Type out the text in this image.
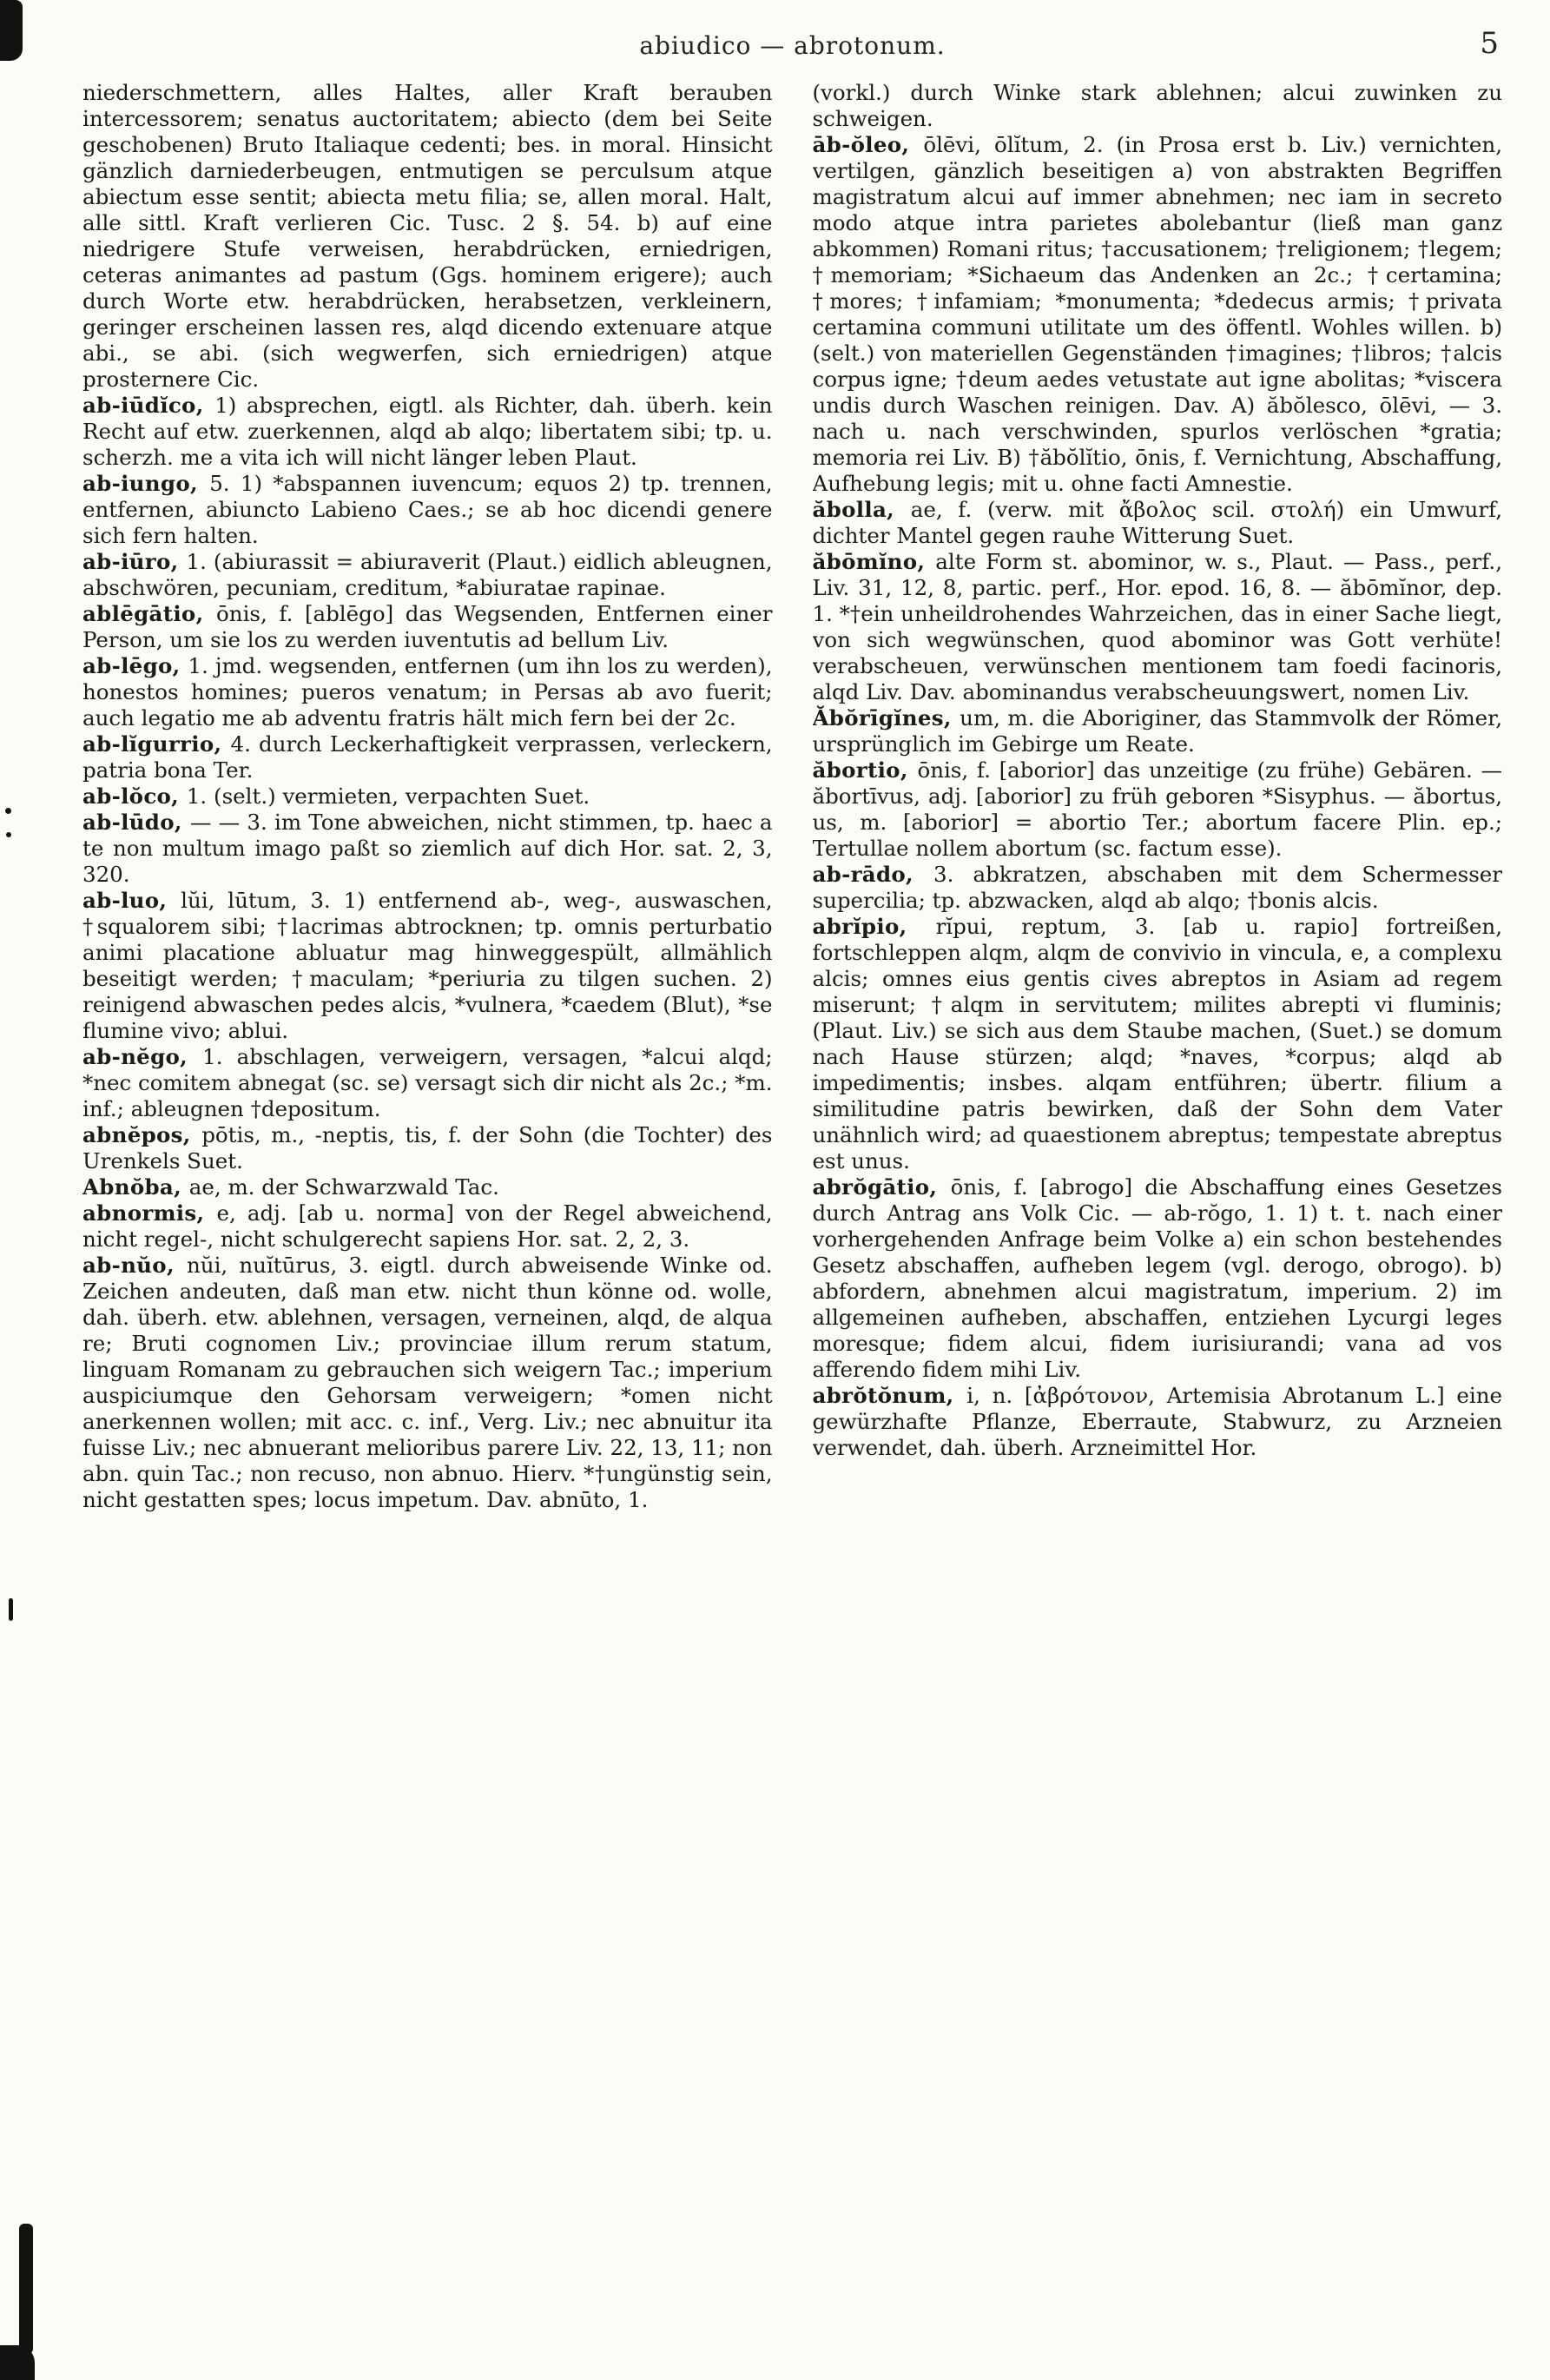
abiudico — abrotonum.	5

niederschmettern, alles Haltes, aller Kraft berauben intercessorem; senatus auctoritatem; abiecto (dem bei Seite geschobenen) Bruto Italiaque cedenti; bes. in moral. Hinsicht gänzlich darniederbeugen, entmutigen se perculsum atque abiectum esse sentit; abiecta metu filia; se, allen moral. Halt, alle sittl. Kraft verlieren Cic. Tusc. 2 §. 54. b) auf eine niedrigere Stufe verweisen, herabdrücken, erniedrigen, ceteras animantes ad pastum (Ggs. hominem erigere); auch durch Worte etw. herabdrücken, herabsetzen, verkleinern, geringer erscheinen lassen res, alqd dicendo extenuare atque abi., se abi. (sich wegwerfen, sich erniedrigen) atque prosternere Cic.

ab-iūdĭco, 1) absprechen, eigtl. als Richter, dah. überh. kein Recht auf etw. zuerkennen, alqd ab alqo; libertatem sibi; tp. u. scherzh. me a vita ich will nicht länger leben Plaut.

ab-iungo, 5. 1) *abspannen iuvencum; equos 2) tp. trennen, entfernen, abiuncto Labieno Caes.; se ab hoc dicendi genere sich fern halten.

ab-iūro, 1. (abiurassit = abiuraverit (Plaut.) eidlich ableugnen, abschwören, pecuniam, creditum, *abiuratae rapinae.

ablēgātio, ōnis, f. [ablēgo] das Wegsenden, Entfernen einer Person, um sie los zu werden iuventutis ad bellum Liv.

ab-lēgo, 1. jmd. wegsenden, entfernen (um ihn los zu werden), honestos homines; pueros venatum; in Persas ab avo fuerit; auch legatio me ab adventu fratris hält mich fern bei der 2c.

ab-lĭgurrio, 4. durch Leckerhaftigkeit verprassen, verleckern, patria bona Ter.

ab-lŏco, 1. (selt.) vermieten, verpachten Suet.

ab-lūdo, — — 3. im Tone abweichen, nicht stimmen, tp. haec a te non multum imago paßt so ziemlich auf dich Hor. sat. 2, 3, 320.

ab-luo, lŭi, lūtum, 3. 1) entfernend ab-, weg-, auswaschen, †squalorem sibi; †lacrimas abtrocknen; tp. omnis perturbatio animi placatione abluatur mag hinweggespült, allmählich beseitigt werden; †maculam; *periuria zu tilgen suchen. 2) reinigend abwaschen pedes alcis, *vulnera, *caedem (Blut), *se flumine vivo; ablui.

ab-nĕgo, 1. abschlagen, verweigern, versagen, *alcui alqd; *nec comitem abnegat (sc. se) versagt sich dir nicht als 2c.; *m. inf.; ableugnen †depositum.

abnĕpos, pōtis, m., -neptis, tis, f. der Sohn (die Tochter) des Urenkels Suet.

Abnŏba, ae, m. der Schwarzwald Tac.

abnormis, e, adj. [ab u. norma] von der Regel abweichend, nicht regel-, nicht schulgerecht sapiens Hor. sat. 2, 2, 3.

ab-nŭo, nŭi, nuĭtūrus, 3. eigtl. durch abweisende Winke od. Zeichen andeuten, daß man etw. nicht thun könne od. wolle, dah. überh. etw. ablehnen, versagen, verneinen, alqd, de alqua re; Bruti cognomen Liv.; provinciae illum rerum statum, linguam Romanam zu gebrauchen sich weigern Tac.; imperium auspiciumque den Gehorsam verweigern; *omen nicht anerkennen wollen; mit acc. c. inf., Verg. Liv.; nec abnuitur ita fuisse Liv.; nec abnuerant melioribus parere Liv. 22, 13, 11; non abn. quin Tac.; non recuso, non abnuo. Hierv. *†ungünstig sein, nicht gestatten spes; locus impetum. Dav. abnūto, 1.

(vorkl.) durch Winke stark ablehnen; alcui zuwinken zu schweigen.

āb-ŏleo, ōlēvi, ōlĭtum, 2. (in Prosa erst b. Liv.) vernichten, vertilgen, gänzlich beseitigen a) von abstrakten Begriffen magistratum alcui auf immer abnehmen; nec iam in secreto modo atque intra parietes abolebantur (ließ man ganz abkommen) Romani ritus; †accusationem; †religionem; †legem; †memoriam; *Sichaeum das Andenken an 2c.; †certamina; †mores; †infamiam; *monumenta; *dedecus armis; †privata certamina communi utilitate um des öffentl. Wohles willen. b) (selt.) von materiellen Gegenständen †imagines; †libros; †alcis corpus igne; †deum aedes vetustate aut igne abolitas; *viscera undis durch Waschen reinigen. Dav. A) ăbŏlesco, ōlēvi, — 3. nach u. nach verschwinden, spurlos verlöschen *gratia; memoria rei Liv. B) †ăbŏlĭtio, ōnis, f. Vernichtung, Abschaffung, Aufhebung legis; mit u. ohne facti Amnestie.

ăbolla, ae, f. (verw. mit ἄβολος scil. στολή) ein Umwurf, dichter Mantel gegen rauhe Witterung Suet.

ăbōmĭno, alte Form st. abominor, w. s., Plaut. — Pass., perf., Liv. 31, 12, 8, partic. perf., Hor. epod. 16, 8. — ăbōmĭnor, dep. 1. *†ein unheildrohendes Wahrzeichen, das in einer Sache liegt, von sich wegwünschen, quod abominor was Gott verhüte! verabscheuen, verwünschen mentionem tam foedi facinoris, alqd Liv. Dav. abominandus verabscheuungswert, nomen Liv.

Ăbŏrīgĭnes, um, m. die Aboriginer, das Stammvolk der Römer, ursprünglich im Gebirge um Reate.

ăbortio, ōnis, f. [aborior] das unzeitige (zu frühe) Gebären. — ăbortīvus, adj. [aborior] zu früh geboren *Sisyphus. — ăbortus, us, m. [aborior] = abortio Ter.; abortum facere Plin. ep.; Tertullae nollem abortum (sc. factum esse).

ab-rādo, 3. abkratzen, abschaben mit dem Schermesser supercilia; tp. abzwacken, alqd ab alqo; †bonis alcis.

abrĭpio, rĭpui, reptum, 3. [ab u. rapio] fortreißen, fortschleppen alqm, alqm de convivio in vincula, e, a complexu alcis; omnes eius gentis cives abreptos in Asiam ad regem miserunt; †alqm in servitutem; milites abrepti vi fluminis; (Plaut. Liv.) se sich aus dem Staube machen, (Suet.) se domum nach Hause stürzen; alqd; *naves, *corpus; alqd ab impedimentis; insbes. alqam entführen; übertr. filium a similitudine patris bewirken, daß der Sohn dem Vater unähnlich wird; ad quaestionem abreptus; tempestate abreptus est unus.

abrŏgātio, ōnis, f. [abrogo] die Abschaffung eines Gesetzes durch Antrag ans Volk Cic. — ab-rŏgo, 1. 1) t. t. nach einer vorhergehenden Anfrage beim Volke a) ein schon bestehendes Gesetz abschaffen, aufheben legem (vgl. derogo, obrogo). b) abfordern, abnehmen alcui magistratum, imperium. 2) im allgemeinen aufheben, abschaffen, entziehen Lycurgi leges moresque; fidem alcui, fidem iurisiurandi; vana ad vos afferendo fidem mihi Liv.

abrŏtŏnum, i, n. [ἀβρότονον, Artemisia Abrotanum L.] eine gewürzhafte Pflanze, Eberraute, Stabwurz, zu Arzneien verwendet, dah. überh. Arzneimittel Hor.
